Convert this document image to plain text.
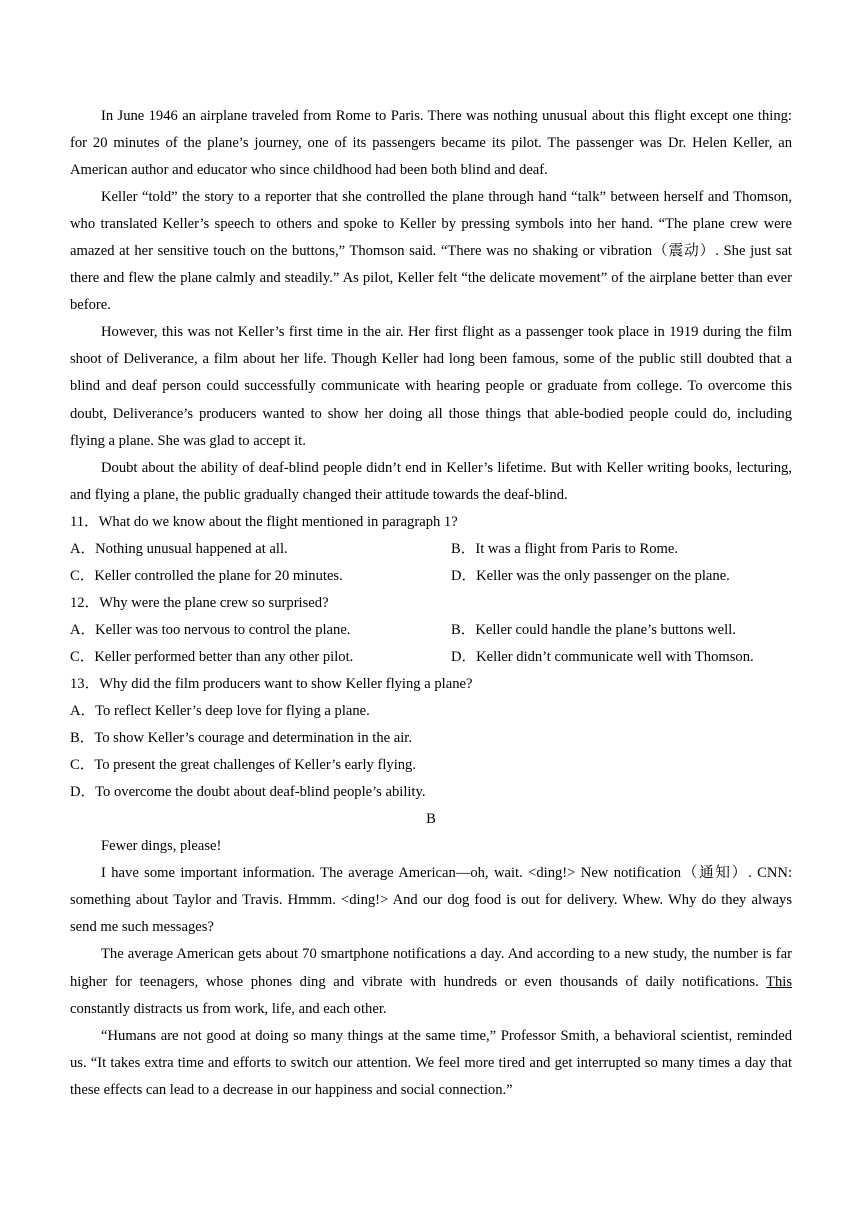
In June 1946 an airplane traveled from Rome to Paris. There was nothing unusual about this flight except one thing: for 20 minutes of the plane’s journey, one of its passengers became its pilot. The passenger was Dr. Helen Keller, an American author and educator who since childhood had been both blind and deaf.

Keller “told” the story to a reporter that she controlled the plane through hand “talk” between herself and Thomson, who translated Keller’s speech to others and spoke to Keller by pressing symbols into her hand. “The plane crew were amazed at her sensitive touch on the buttons,” Thomson said. “There was no shaking or vibration（震动）. She just sat there and flew the plane calmly and steadily.” As pilot, Keller felt “the delicate movement” of the airplane better than ever before.

However, this was not Keller’s first time in the air. Her first flight as a passenger took place in 1919 during the film shoot of Deliverance, a film about her life. Though Keller had long been famous, some of the public still doubted that a blind and deaf person could successfully communicate with hearing people or graduate from college. To overcome this doubt, Deliverance’s producers wanted to show her doing all those things that able-bodied people could do, including flying a plane. She was glad to accept it.

Doubt about the ability of deaf-blind people didn’t end in Keller’s lifetime. But with Keller writing books, lecturing, and flying a plane, the public gradually changed their attitude towards the deaf-blind.

11．What do we know about the flight mentioned in paragraph 1?

A．Nothing unusual happened at all.	B．It was a flight from Paris to Rome.

C．Keller controlled the plane for 20 minutes.	D．Keller was the only passenger on the plane.

12．Why were the plane crew so surprised?

A．Keller was too nervous to control the plane.	B．Keller could handle the plane’s buttons well.

C．Keller performed better than any other pilot.	D．Keller didn’t communicate well with Thomson.

13．Why did the film producers want to show Keller flying a plane?

A．To reflect Keller’s deep love for flying a plane.

B．To show Keller’s courage and determination in the air.

C．To present the great challenges of Keller’s early flying.

D．To overcome the doubt about deaf-blind people’s ability.

B

Fewer dings, please!

I have some important information. The average American—oh, wait. <ding!> New notification（通知）. CNN: something about Taylor and Travis. Hmmm. <ding!> And our dog food is out for delivery. Whew. Why do they always send me such messages?

The average American gets about 70 smartphone notifications a day. And according to a new study, the number is far higher for teenagers, whose phones ding and vibrate with hundreds or even thousands of daily notifications. This constantly distracts us from work, life, and each other.

“Humans are not good at doing so many things at the same time,” Professor Smith, a behavioral scientist, reminded us. “It takes extra time and efforts to switch our attention. We feel more tired and get interrupted so many times a day that these effects can lead to a decrease in our happiness and social connection.”
